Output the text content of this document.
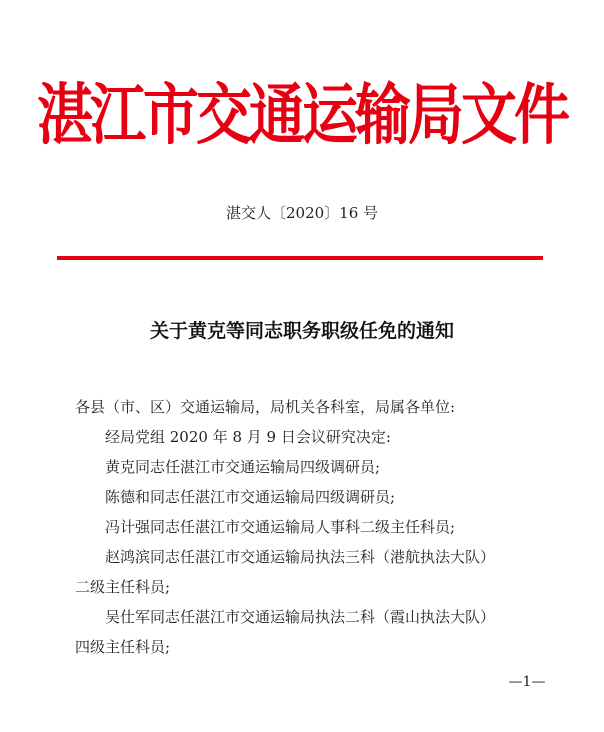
湛江市交通运输局文件
湛交人〔2020〕16 号
关于黄克等同志职务职级任免的通知

各县（市、区）交通运输局，局机关各科室，局属各单位:

经局党组 2020 年 8 月 9 日会议研究决定:

黄克同志任湛江市交通运输局四级调研员;

陈德和同志任湛江市交通运输局四级调研员;

冯计强同志任湛江市交通运输局人事科二级主任科员;

赵鸿滨同志任湛江市交通运输局执法三科（港航执法大队）

二级主任科员;

吴仕军同志任湛江市交通运输局执法二科（霞山执法大队）

四级主任科员;

—1—
